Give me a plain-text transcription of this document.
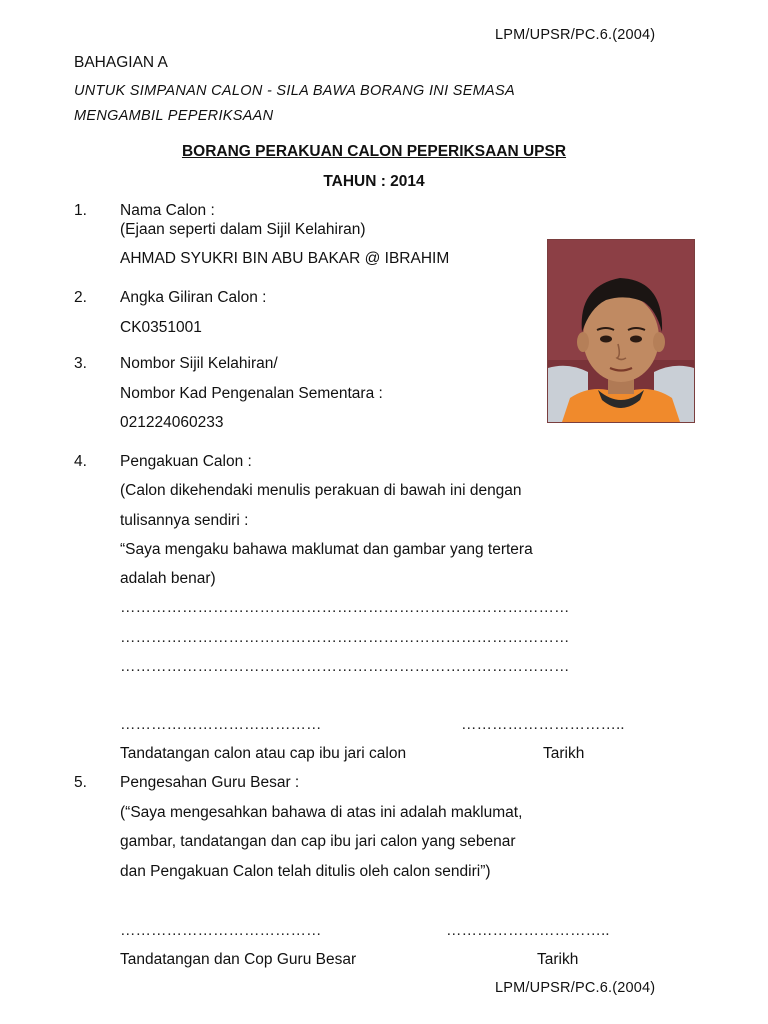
LPM/UPSR/PC.6.(2004)
BAHAGIAN A
UNTUK SIMPANAN CALON - SILA BAWA BORANG INI SEMASA
MENGAMBIL PEPERIKSAAN
BORANG PERAKUAN CALON PEPERIKSAAN UPSR
TAHUN : 2014
1. Nama Calon :
(Ejaan seperti dalam Sijil Kelahiran)
AHMAD SYUKRI BIN ABU BAKAR @ IBRAHIM
2. Angka Giliran Calon :
CK0351001
3. Nombor Sijil Kelahiran/
Nombor Kad Pengenalan Sementara :
021224060233
4. Pengakuan Calon :
(Calon dikehendaki menulis perakuan di bawah ini dengan
tulisannya sendiri :
“Saya mengaku bahawa maklumat dan gambar yang tertera
adalah benar)
……………………………………………………………………………
……………………………………………………………………………
……………………………………………………………………………
…………………………………	…………………………..
Tandatangan calon atau cap ibu jari calon	Tarikh
5. Pengesahan Guru Besar :
(“Saya mengesahkan bahawa di atas ini adalah maklumat,
gambar, tandatangan dan cap ibu jari calon yang sebenar
dan Pengakuan Calon telah ditulis oleh calon sendiri”)
…………………………………	…………………………..
Tandatangan dan Cop Guru Besar	Tarikh
LPM/UPSR/PC.6.(2004)
